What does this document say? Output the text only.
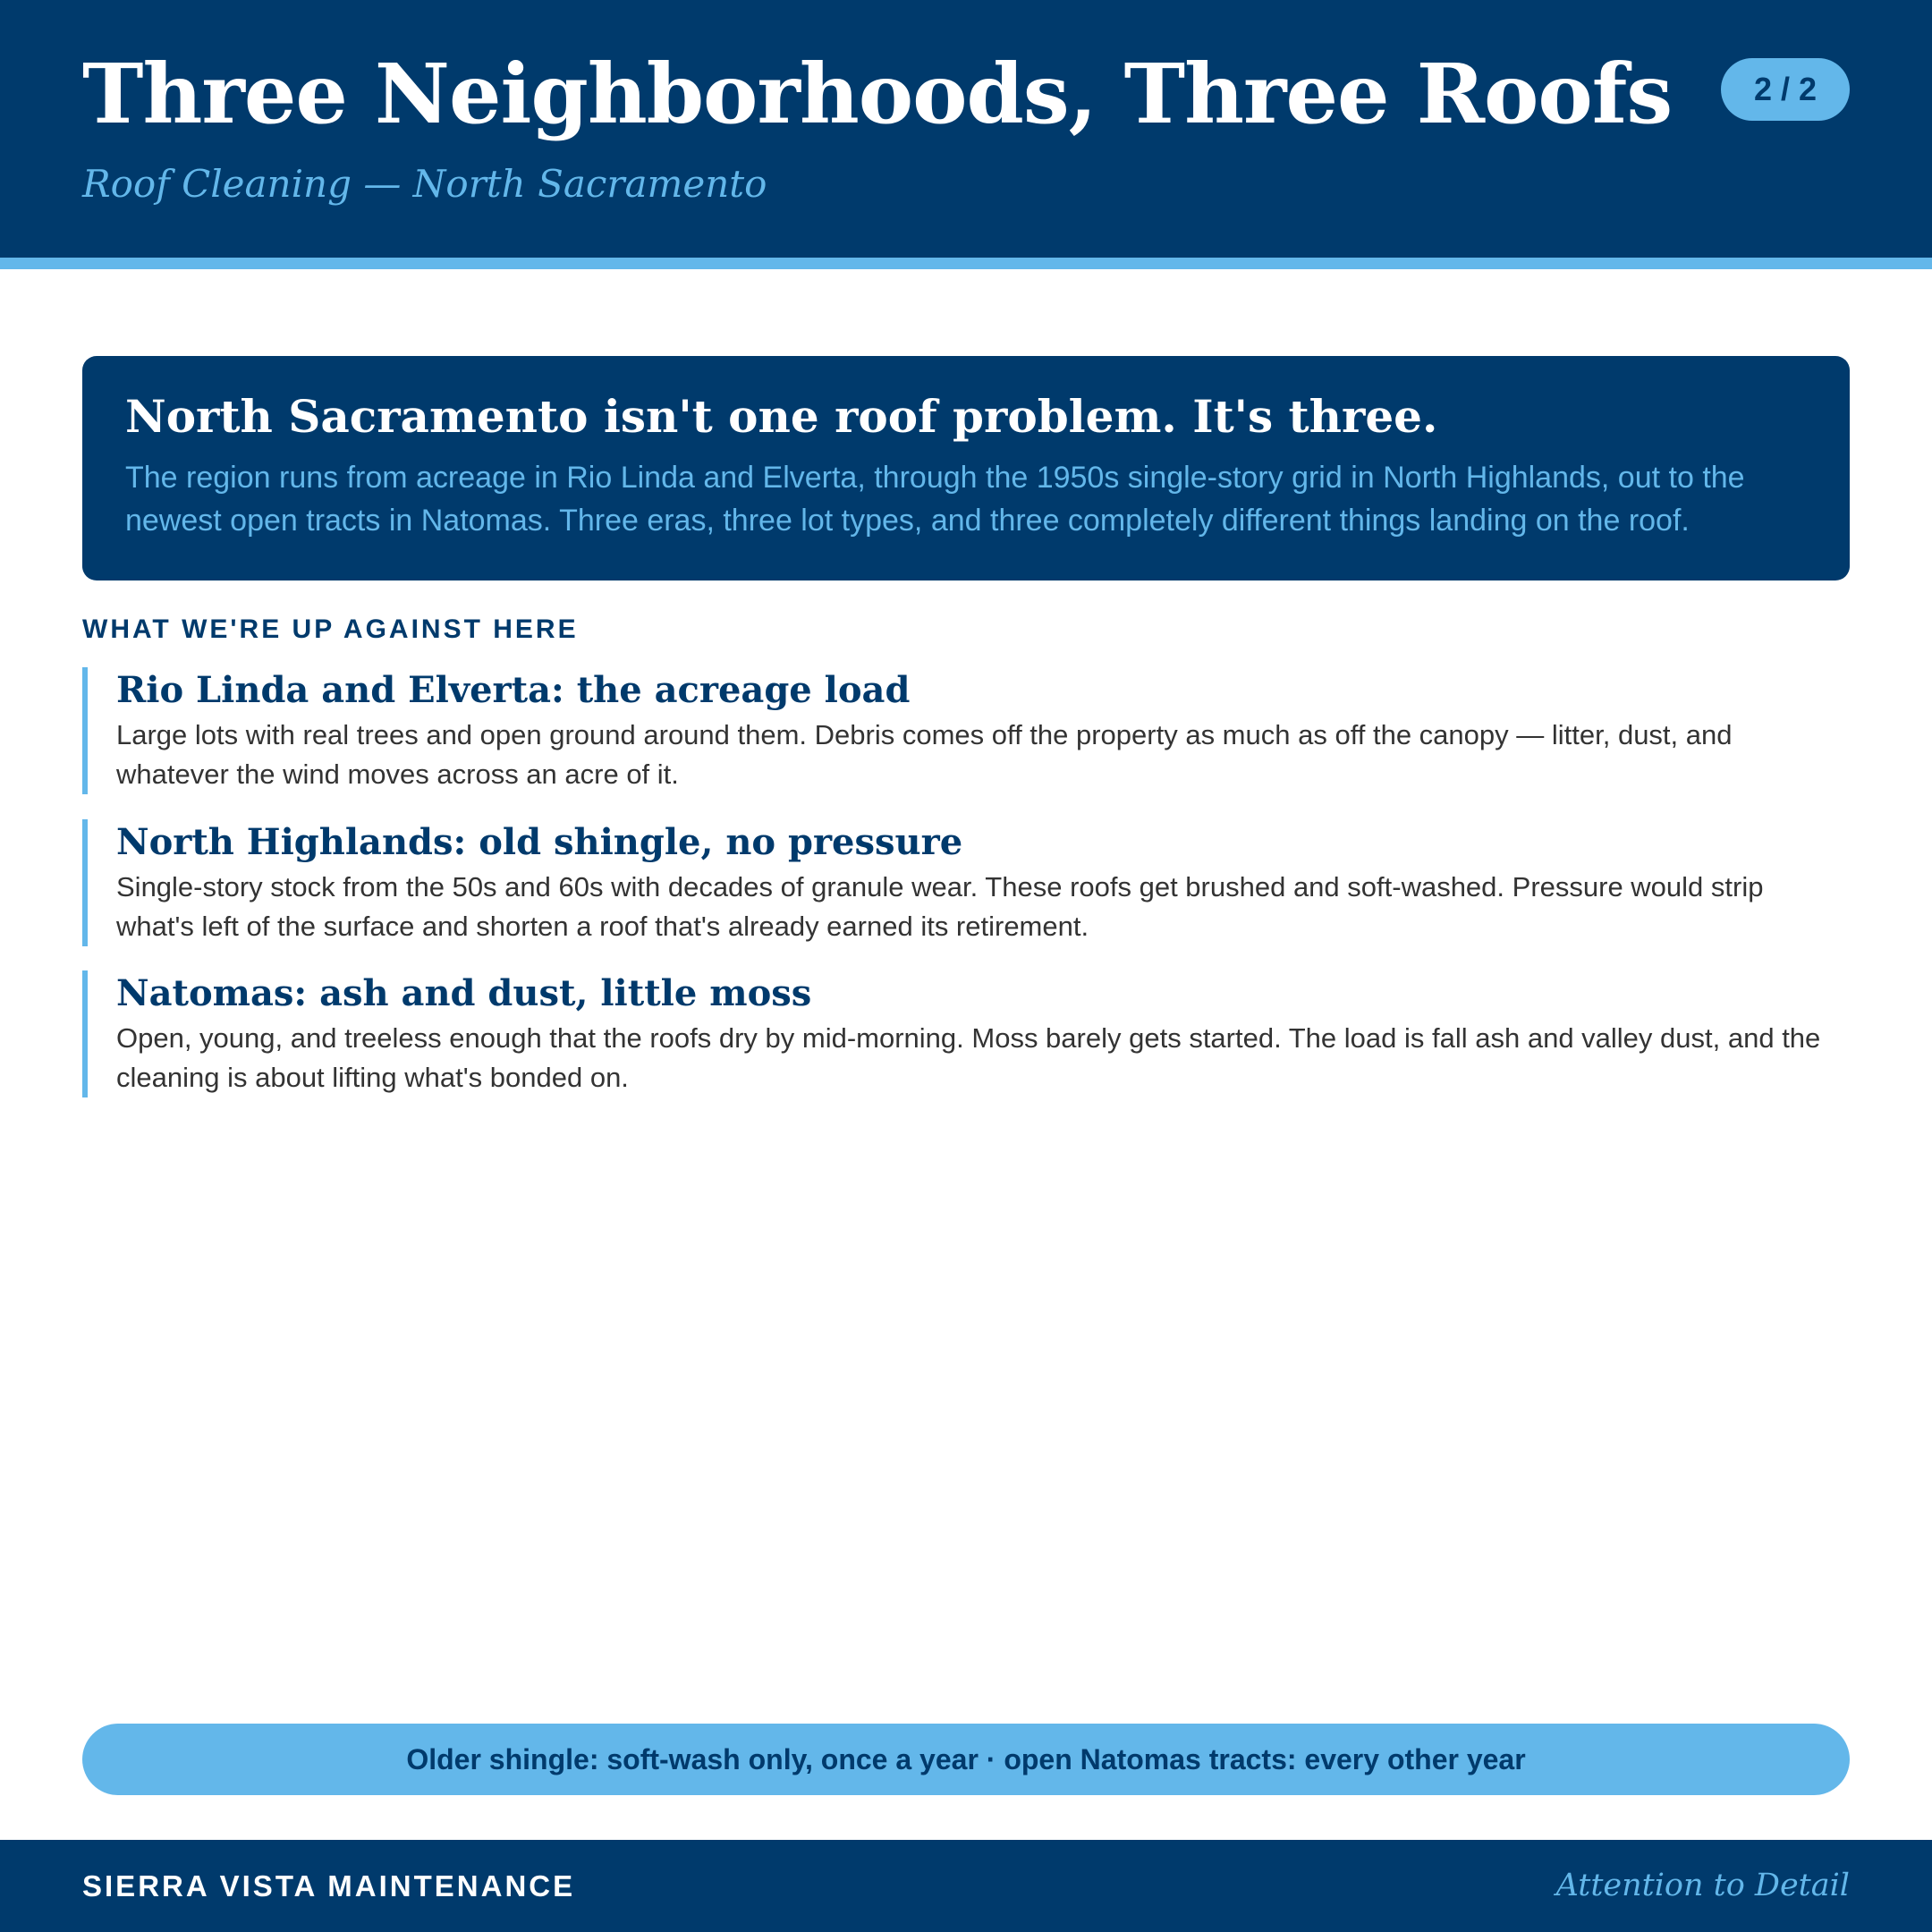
Three Neighborhoods, Three Roofs
Roof Cleaning — North Sacramento
2 / 2
North Sacramento isn't one roof problem. It's three.

The region runs from acreage in Rio Linda and Elverta, through the 1950s single-story grid in North Highlands, out to the newest open tracts in Natomas. Three eras, three lot types, and three completely different things landing on the roof.

WHAT WE'RE UP AGAINST HERE
Rio Linda and Elverta: the acreage load

Large lots with real trees and open ground around them. Debris comes off the property as much as off the canopy — litter, dust, and whatever the wind moves across an acre of it.

North Highlands: old shingle, no pressure

Single-story stock from the 50s and 60s with decades of granule wear. These roofs get brushed and soft-washed. Pressure would strip what's left of the surface and shorten a roof that's already earned its retirement.

Natomas: ash and dust, little moss

Open, young, and treeless enough that the roofs dry by mid-morning. Moss barely gets started. The load is fall ash and valley dust, and the cleaning is about lifting what's bonded on.

Older shingle: soft-wash only, once a year · open Natomas tracts: every other year
SIERRA VISTA MAINTENANCE	Attention to Detail
